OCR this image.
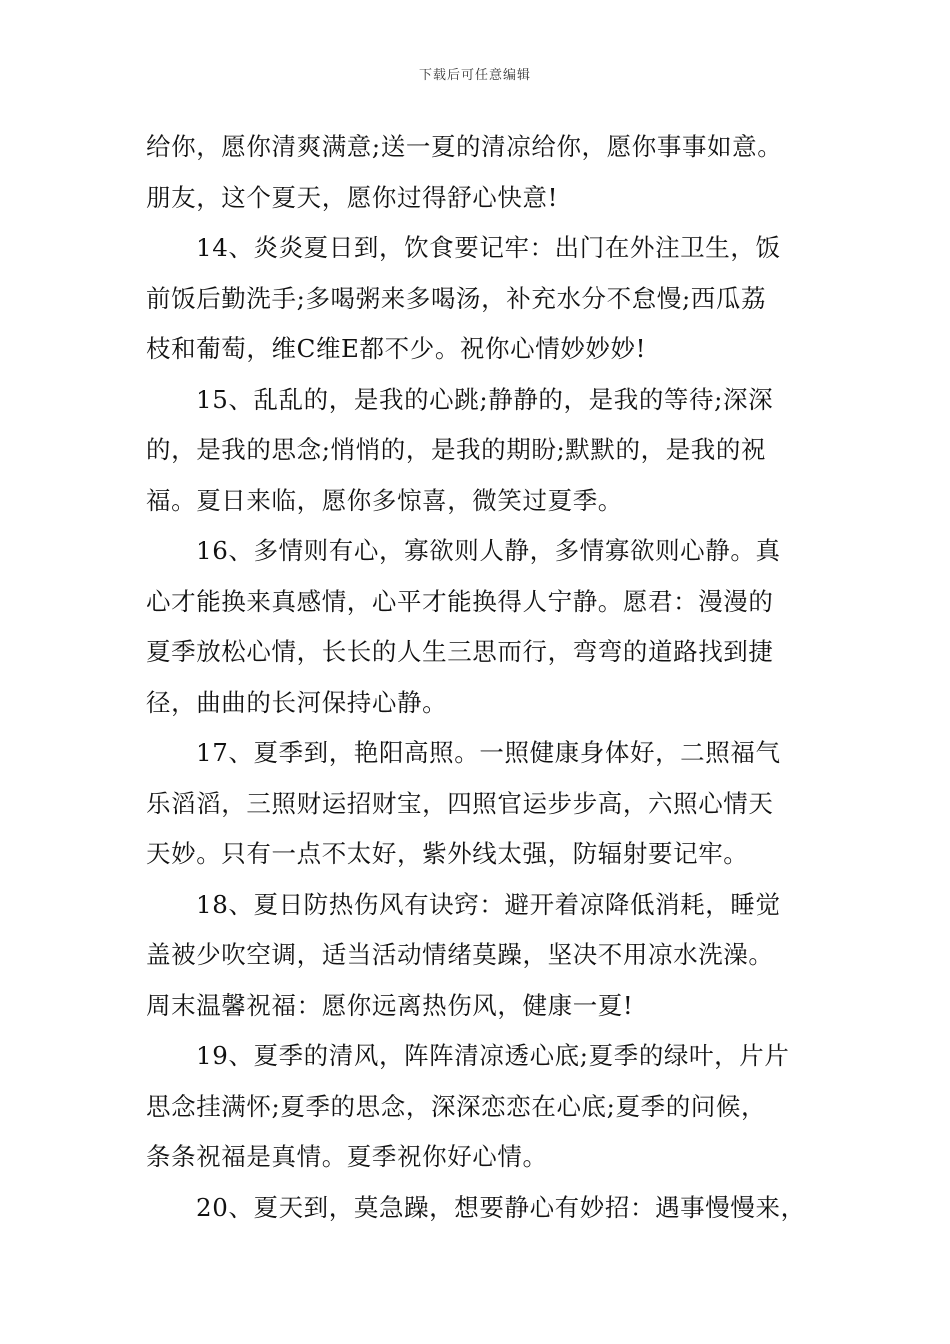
下载后可任意编辑
给你，愿你清爽满意;送一夏的清凉给你，愿你事事如意。
朋友，这个夏天，愿你过得舒心快意!
14、炎炎夏日到，饮食要记牢：出门在外注卫生，饭
前饭后勤洗手;多喝粥来多喝汤，补充水分不怠慢;西瓜荔
枝和葡萄，维C维E都不少。祝你心情妙妙妙!
15、乱乱的，是我的心跳;静静的，是我的等待;深深
的，是我的思念;悄悄的，是我的期盼;默默的，是我的祝
福。夏日来临，愿你多惊喜，微笑过夏季。
16、多情则有心，寡欲则人静，多情寡欲则心静。真
心才能换来真感情，心平才能换得人宁静。愿君：漫漫的
夏季放松心情，长长的人生三思而行，弯弯的道路找到捷
径，曲曲的长河保持心静。
17、夏季到，艳阳高照。一照健康身体好，二照福气
乐滔滔，三照财运招财宝，四照官运步步高，六照心情天
天妙。只有一点不太好，紫外线太强，防辐射要记牢。
18、夏日防热伤风有诀窍：避开着凉降低消耗，睡觉
盖被少吹空调，适当活动情绪莫躁，坚决不用凉水洗澡。
周末温馨祝福：愿你远离热伤风，健康一夏!
19、夏季的清风，阵阵清凉透心底;夏季的绿叶，片片
思念挂满怀;夏季的思念，深深恋恋在心底;夏季的问候，
条条祝福是真情。夏季祝你好心情。
20、夏天到，莫急躁，想要静心有妙招：遇事慢慢来，
